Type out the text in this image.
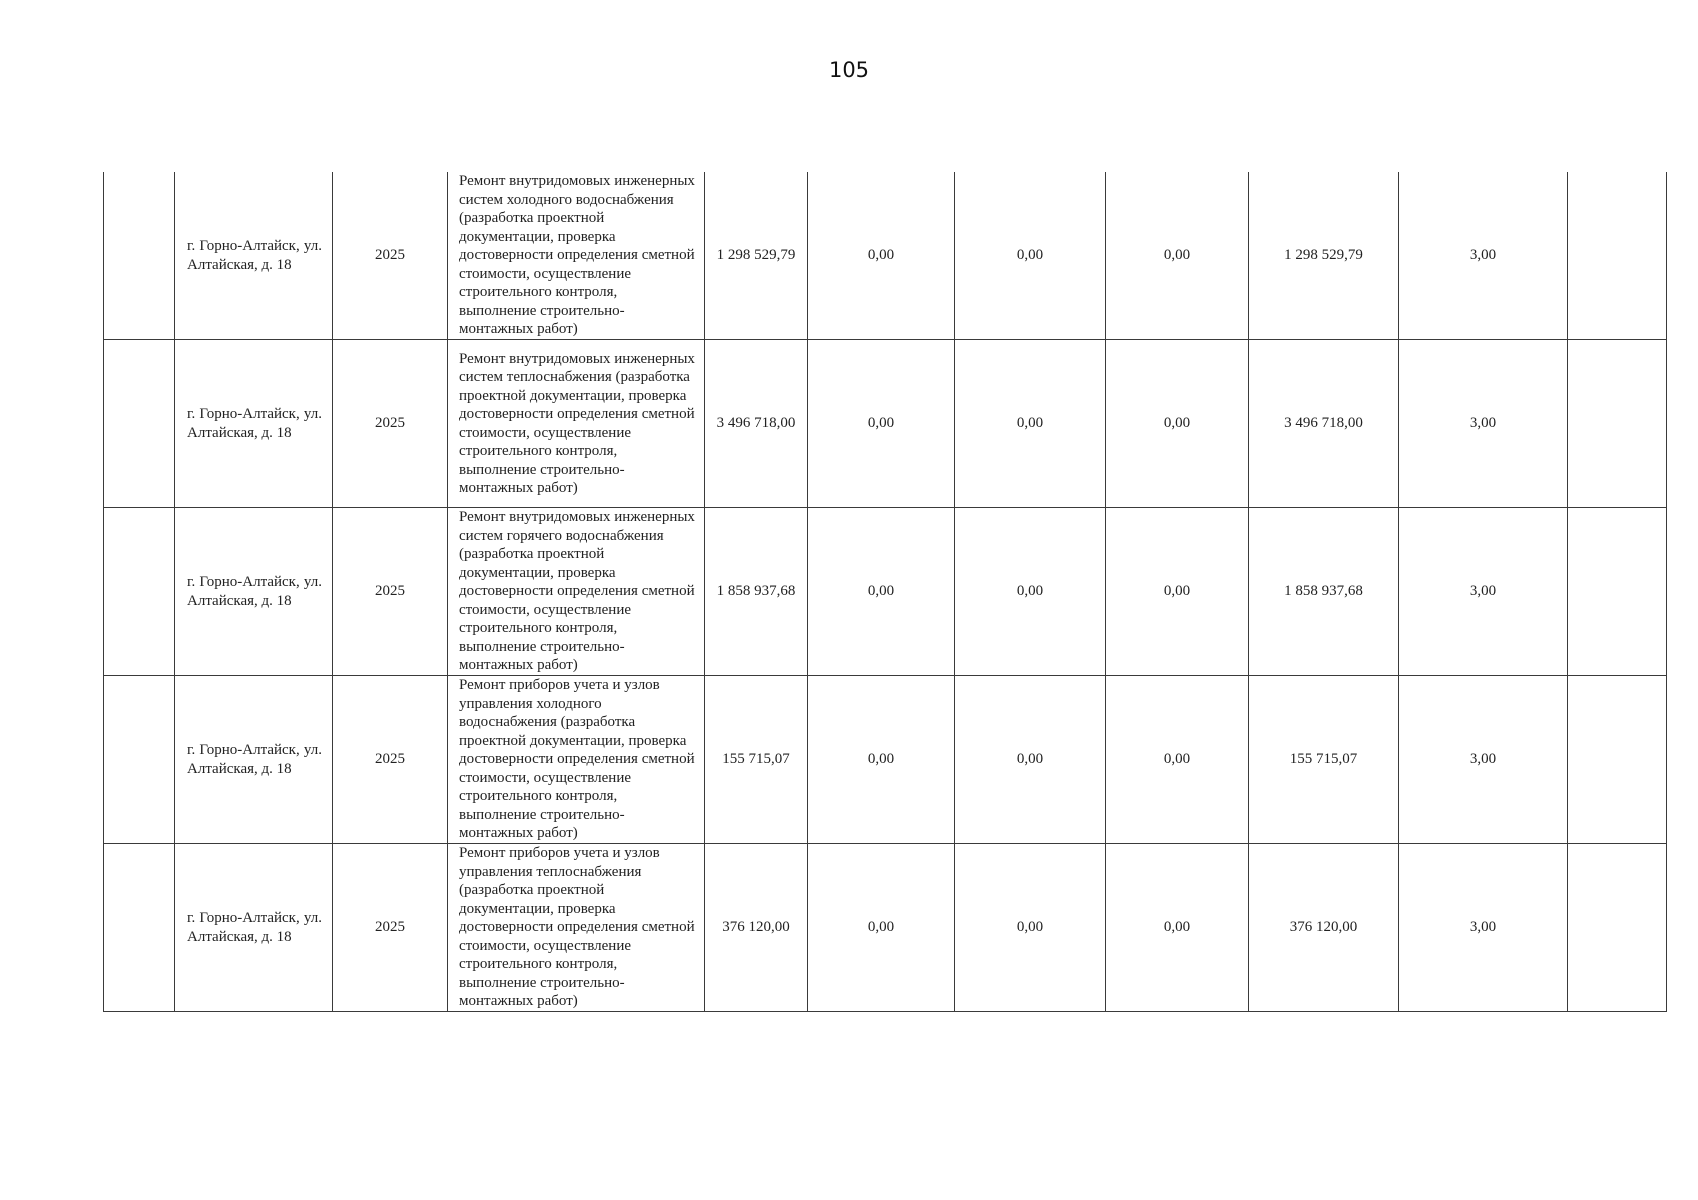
105
	г. Горно-Алтайск, ул. Алтайская, д. 18	2025	Ремонт внутридомовых инженерных систем холодного водоснабжения (разработка проектной документации, проверка достоверности определения сметной стоимости, осуществление строительного контроля, выполнение строительно-монтажных работ)	1 298 529,79	0,00	0,00	0,00	1 298 529,79	3,00	
	г. Горно-Алтайск, ул. Алтайская, д. 18	2025	Ремонт внутридомовых инженерных систем теплоснабжения (разработка проектной документации, проверка достоверности определения сметной стоимости, осуществление строительного контроля, выполнение строительно-монтажных работ)	3 496 718,00	0,00	0,00	0,00	3 496 718,00	3,00	
	г. Горно-Алтайск, ул. Алтайская, д. 18	2025	Ремонт внутридомовых инженерных систем горячего водоснабжения (разработка проектной документации, проверка достоверности определения сметной стоимости, осуществление строительного контроля, выполнение строительно-монтажных работ)	1 858 937,68	0,00	0,00	0,00	1 858 937,68	3,00	
	г. Горно-Алтайск, ул. Алтайская, д. 18	2025	Ремонт приборов учета и узлов управления холодного водоснабжения (разработка проектной документации, проверка достоверности определения сметной стоимости, осуществление строительного контроля, выполнение строительно-монтажных работ)	155 715,07	0,00	0,00	0,00	155 715,07	3,00	
	г. Горно-Алтайск, ул. Алтайская, д. 18	2025	Ремонт приборов учета и узлов управления теплоснабжения (разработка проектной документации, проверка достоверности определения сметной стоимости, осуществление строительного контроля, выполнение строительно-монтажных работ)	376 120,00	0,00	0,00	0,00	376 120,00	3,00	
